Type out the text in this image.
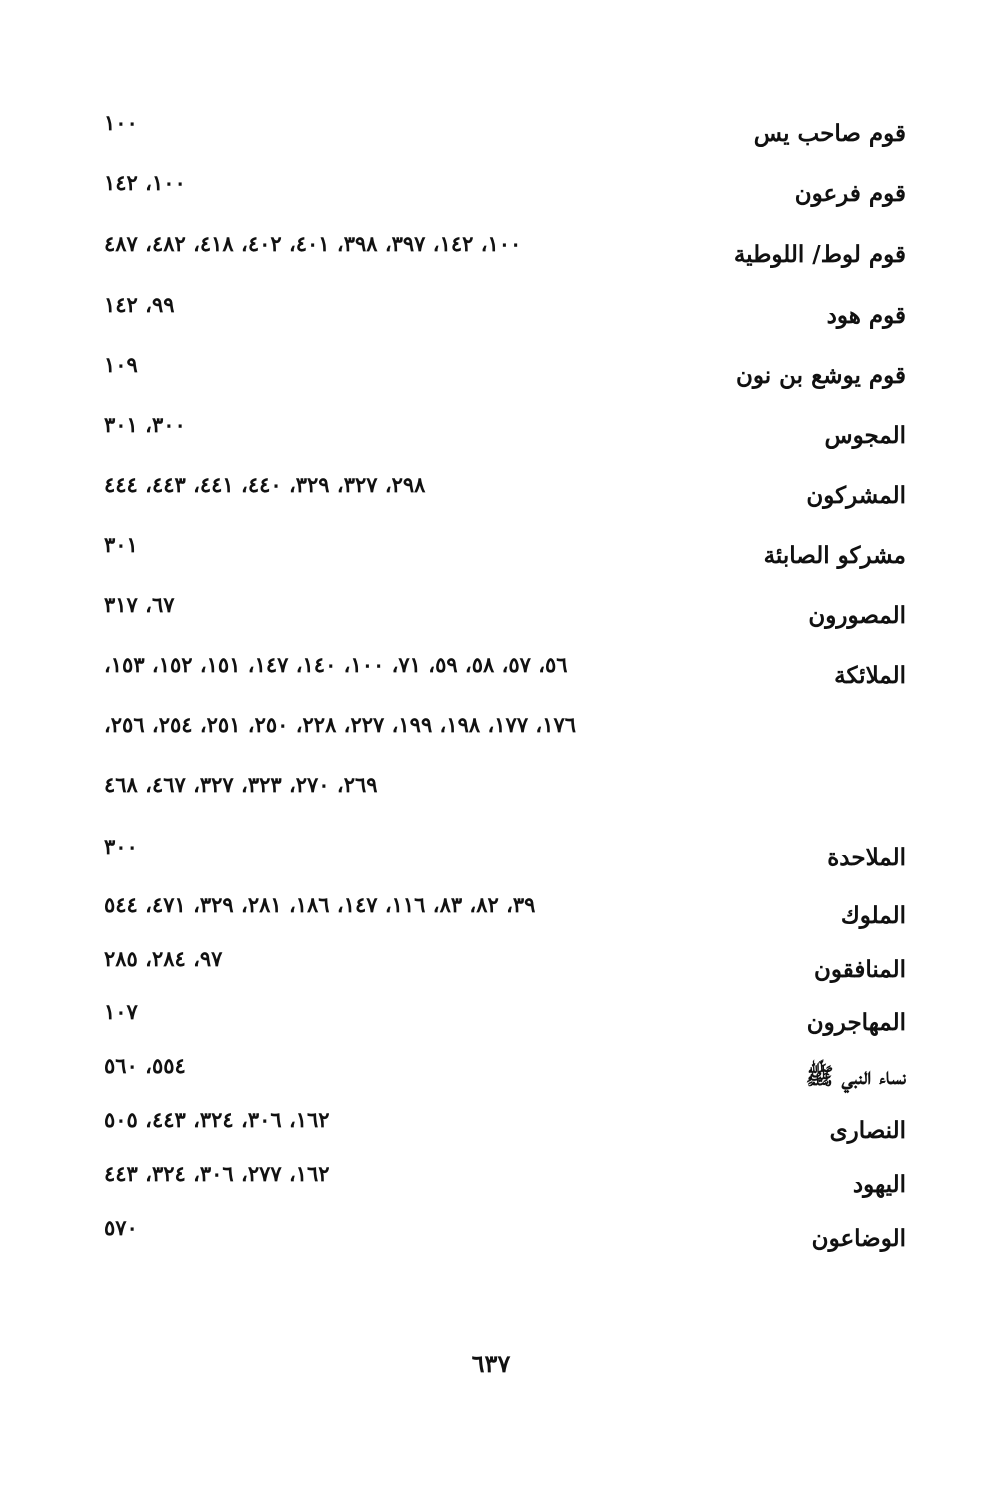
قوم صاحب يس
١٠٠
قوم فرعون
١٠٠، ١٤٢
قوم لوط/ اللوطية
١٠٠، ١٤٢، ٣٩٧، ٣٩٨، ٤٠١، ٤٠٢، ٤١٨، ٤٨٢، ٤٨٧
قوم هود
٩٩، ١٤٢
قوم يوشع بن نون
١٠٩
المجوس
٣٠٠، ٣٠١
المشركون
٢٩٨، ٣٢٧، ٣٢٩، ٤٤٠، ٤٤١، ٤٤٣، ٤٤٤
مشركو الصابئة
٣٠١
المصورون
٦٧، ٣١٧
الملائكة
٥٦، ٥٧، ٥٨، ٥٩، ٧١، ١٠٠، ١٤٠، ١٤٧، ١٥١، ١٥٢، ١٥٣،
١٧٦، ١٧٧، ١٩٨، ١٩٩، ٢٢٧، ٢٢٨، ٢٥٠، ٢٥١، ٢٥٤، ٢٥٦،
٢٦٩، ٢٧٠، ٣٢٣، ٣٢٧، ٤٦٧، ٤٦٨
الملاحدة
٣٠٠
الملوك
٣٩، ٨٢، ٨٣، ١١٦، ١٤٧، ١٨٦، ٢٨١، ٣٢٩، ٤٧١، ٥٤٤
المنافقون
٩٧، ٢٨٤، ٢٨٥
المهاجرون
١٠٧
نساء النبي ﷺ
٥٥٤، ٥٦٠
النصارى
١٦٢، ٣٠٦، ٣٢٤، ٤٤٣، ٥٠٥
اليهود
١٦٢، ٢٧٧، ٣٠٦، ٣٢٤، ٤٤٣
الوضاعون
٥٧٠
٦٣٧
